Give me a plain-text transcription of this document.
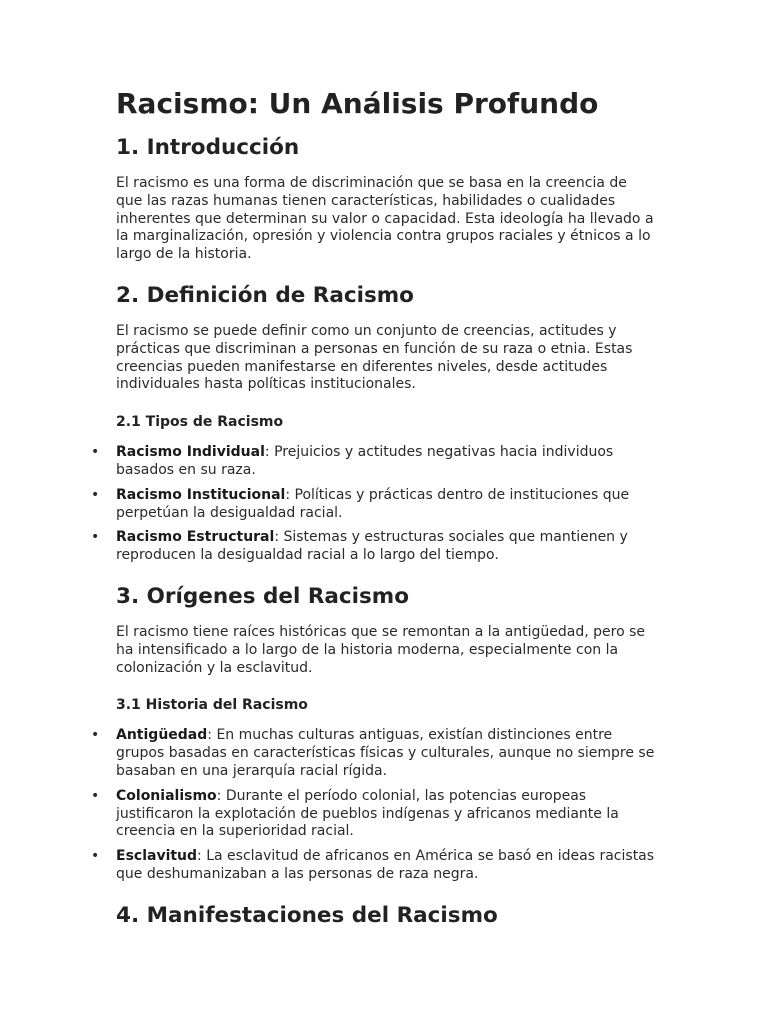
Racismo: Un Análisis Profundo
1. Introducción

El racismo es una forma de discriminación que se basa en la creencia de que las razas humanas tienen características, habilidades o cualidades inherentes que determinan su valor o capacidad. Esta ideología ha llevado a la marginalización, opresión y violencia contra grupos raciales y étnicos a lo largo de la historia.

2. Definición de Racismo

El racismo se puede definir como un conjunto de creencias, actitudes y prácticas que discriminan a personas en función de su raza o etnia. Estas creencias pueden manifestarse en diferentes niveles, desde actitudes individuales hasta políticas institucionales.

2.1 Tipos de Racismo
• Racismo Individual: Prejuicios y actitudes negativas hacia individuos basados en su raza.
• Racismo Institucional: Políticas y prácticas dentro de instituciones que perpetúan la desigualdad racial.
• Racismo Estructural: Sistemas y estructuras sociales que mantienen y reproducen la desigualdad racial a lo largo del tiempo.
3. Orígenes del Racismo

El racismo tiene raíces históricas que se remontan a la antigüedad, pero se ha intensificado a lo largo de la historia moderna, especialmente con la colonización y la esclavitud.

3.1 Historia del Racismo
• Antigüedad: En muchas culturas antiguas, existían distinciones entre grupos basadas en características físicas y culturales, aunque no siempre se basaban en una jerarquía racial rígida.
• Colonialismo: Durante el período colonial, las potencias europeas justificaron la explotación de pueblos indígenas y africanos mediante la creencia en la superioridad racial.
• Esclavitud: La esclavitud de africanos en América se basó en ideas racistas que deshumanizaban a las personas de raza negra.
4. Manifestaciones del Racismo
